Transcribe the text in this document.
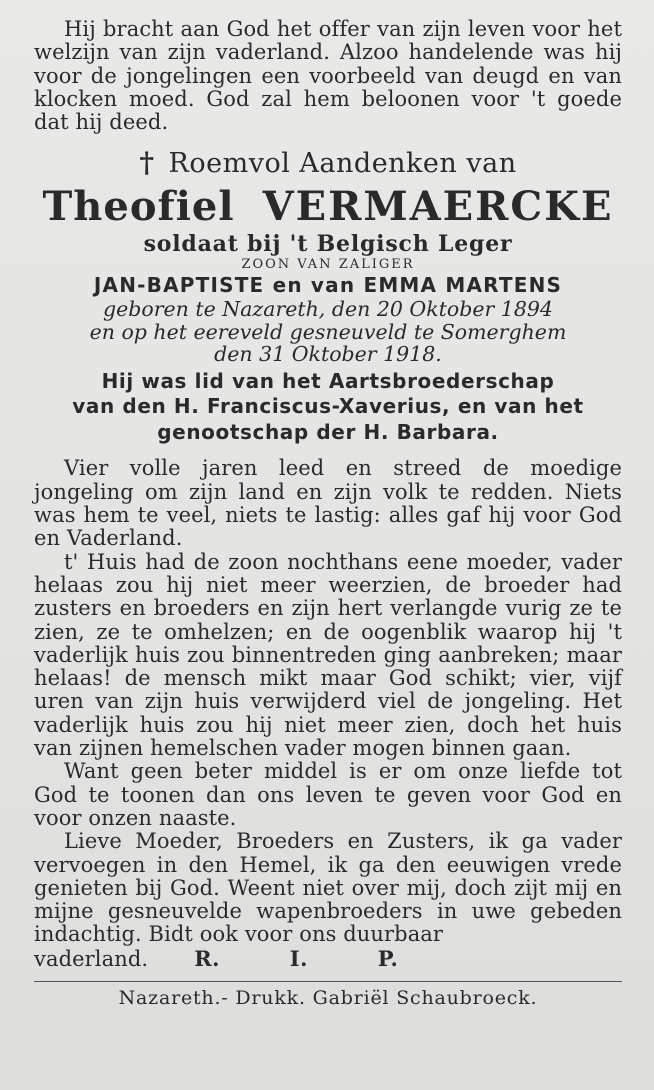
Hij bracht aan God het offer van zijn leven voor het welzijn van zijn vaderland. Alzoo handelende was hij voor de jongelingen een voorbeeld van deugd en van klocken moed. God zal hem beloonen voor 't goede dat hij deed.

† Roemvol Aandenken van

Theofiel VERMAERCKE

soldaat bij 't Belgisch Leger

ZOON VAN ZALIGER

JAN-BAPTISTE en van EMMA MARTENS

geboren te Nazareth, den 20 Oktober 1894

en op het eereveld gesneuveld te Somerghem

den 31 Oktober 1918.

Hij was lid van het Aartsbroederschap

van den H. Franciscus-Xaverius, en van het

genootschap der H. Barbara.

Vier volle jaren leed en streed de moedige jongeling om zijn land en zijn volk te redden. Niets was hem te veel, niets te lastig: alles gaf hij voor God en Vaderland.

t' Huis had de zoon nochthans eene moeder, vader helaas zou hij niet meer weerzien, de broeder had zusters en broeders en zijn hert verlangde vurig ze te zien, ze te omhelzen; en de oogenblik waarop hij 't vaderlijk huis zou binnentreden ging aanbreken; maar helaas! de mensch mikt maar God schikt; vier, vijf uren van zijn huis verwijderd viel de jongeling. Het vaderlijk huis zou hij niet meer zien, doch het huis van zijnen hemelschen vader mogen binnen gaan.

Want geen beter middel is er om onze liefde tot God te toonen dan ons leven te geven voor God en voor onzen naaste.

Lieve Moeder, Broeders en Zusters, ik ga vader vervoegen in den Hemel, ik ga den eeuwigen vrede genieten bij God. Weent niet over mij, doch zijt mij en mijne gesneuvelde wapenbroeders in uwe gebeden indachtig. Bidt ook voor ons duurbaar

vaderland.	R.	I.	P.

Nazareth.- Drukk. Gabriël Schaubroeck.
